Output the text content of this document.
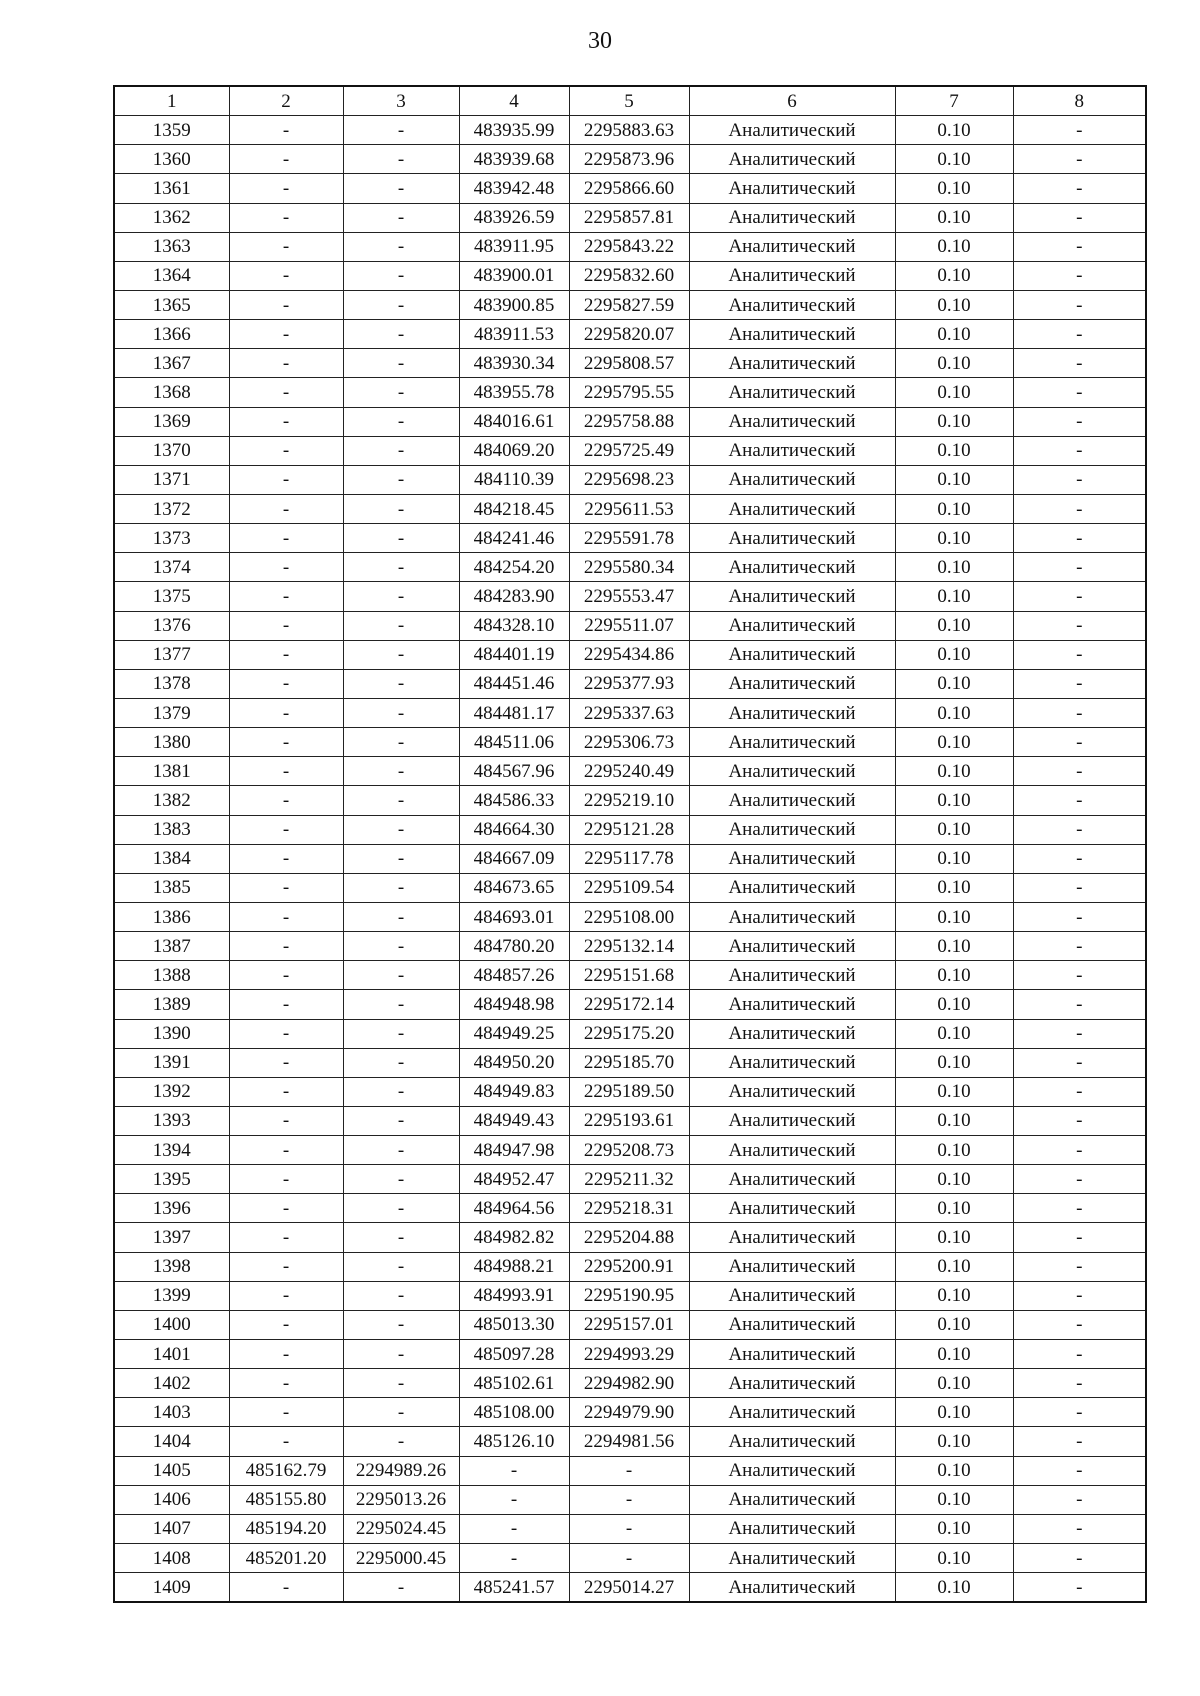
30
1	2	3	4	5	6	7	8
1359	-	-	483935.99	2295883.63	Аналитический	0.10	-
1360	-	-	483939.68	2295873.96	Аналитический	0.10	-
1361	-	-	483942.48	2295866.60	Аналитический	0.10	-
1362	-	-	483926.59	2295857.81	Аналитический	0.10	-
1363	-	-	483911.95	2295843.22	Аналитический	0.10	-
1364	-	-	483900.01	2295832.60	Аналитический	0.10	-
1365	-	-	483900.85	2295827.59	Аналитический	0.10	-
1366	-	-	483911.53	2295820.07	Аналитический	0.10	-
1367	-	-	483930.34	2295808.57	Аналитический	0.10	-
1368	-	-	483955.78	2295795.55	Аналитический	0.10	-
1369	-	-	484016.61	2295758.88	Аналитический	0.10	-
1370	-	-	484069.20	2295725.49	Аналитический	0.10	-
1371	-	-	484110.39	2295698.23	Аналитический	0.10	-
1372	-	-	484218.45	2295611.53	Аналитический	0.10	-
1373	-	-	484241.46	2295591.78	Аналитический	0.10	-
1374	-	-	484254.20	2295580.34	Аналитический	0.10	-
1375	-	-	484283.90	2295553.47	Аналитический	0.10	-
1376	-	-	484328.10	2295511.07	Аналитический	0.10	-
1377	-	-	484401.19	2295434.86	Аналитический	0.10	-
1378	-	-	484451.46	2295377.93	Аналитический	0.10	-
1379	-	-	484481.17	2295337.63	Аналитический	0.10	-
1380	-	-	484511.06	2295306.73	Аналитический	0.10	-
1381	-	-	484567.96	2295240.49	Аналитический	0.10	-
1382	-	-	484586.33	2295219.10	Аналитический	0.10	-
1383	-	-	484664.30	2295121.28	Аналитический	0.10	-
1384	-	-	484667.09	2295117.78	Аналитический	0.10	-
1385	-	-	484673.65	2295109.54	Аналитический	0.10	-
1386	-	-	484693.01	2295108.00	Аналитический	0.10	-
1387	-	-	484780.20	2295132.14	Аналитический	0.10	-
1388	-	-	484857.26	2295151.68	Аналитический	0.10	-
1389	-	-	484948.98	2295172.14	Аналитический	0.10	-
1390	-	-	484949.25	2295175.20	Аналитический	0.10	-
1391	-	-	484950.20	2295185.70	Аналитический	0.10	-
1392	-	-	484949.83	2295189.50	Аналитический	0.10	-
1393	-	-	484949.43	2295193.61	Аналитический	0.10	-
1394	-	-	484947.98	2295208.73	Аналитический	0.10	-
1395	-	-	484952.47	2295211.32	Аналитический	0.10	-
1396	-	-	484964.56	2295218.31	Аналитический	0.10	-
1397	-	-	484982.82	2295204.88	Аналитический	0.10	-
1398	-	-	484988.21	2295200.91	Аналитический	0.10	-
1399	-	-	484993.91	2295190.95	Аналитический	0.10	-
1400	-	-	485013.30	2295157.01	Аналитический	0.10	-
1401	-	-	485097.28	2294993.29	Аналитический	0.10	-
1402	-	-	485102.61	2294982.90	Аналитический	0.10	-
1403	-	-	485108.00	2294979.90	Аналитический	0.10	-
1404	-	-	485126.10	2294981.56	Аналитический	0.10	-
1405	485162.79	2294989.26	-	-	Аналитический	0.10	-
1406	485155.80	2295013.26	-	-	Аналитический	0.10	-
1407	485194.20	2295024.45	-	-	Аналитический	0.10	-
1408	485201.20	2295000.45	-	-	Аналитический	0.10	-
1409	-	-	485241.57	2295014.27	Аналитический	0.10	-
